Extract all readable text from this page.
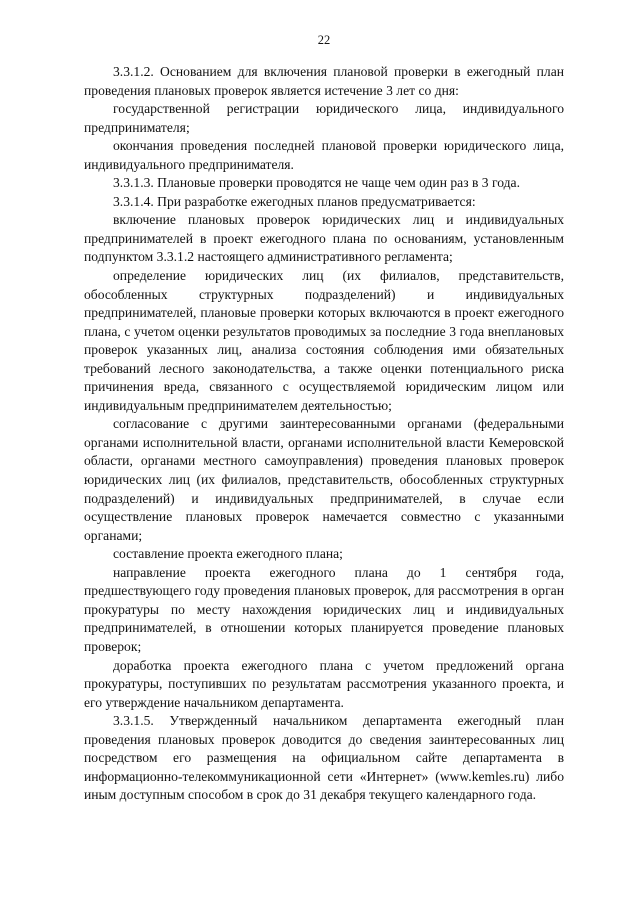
22

3.3.1.2. Основанием для включения плановой проверки в ежегодный план проведения плановых проверок является истечение 3 лет со дня:

государственной регистрации юридического лица, индивидуального предпринимателя;

окончания проведения последней плановой проверки юридического лица, индивидуального предпринимателя.

3.3.1.3. Плановые проверки проводятся не чаще чем один раз в 3 года.

3.3.1.4. При разработке ежегодных планов предусматривается:

включение плановых проверок юридических лиц и индивидуальных предпринимателей в проект ежегодного плана по основаниям, установленным подпунктом 3.3.1.2 настоящего административного регламента;

определение юридических лиц (их филиалов, представительств, обособленных структурных подразделений) и индивидуальных предпринимателей, плановые проверки которых включаются в проект ежегодного плана, с учетом оценки результатов проводимых за последние 3 года внеплановых проверок указанных лиц, анализа состояния соблюдения ими обязательных требований лесного законодательства, а также оценки потенциального риска причинения вреда, связанного с осуществляемой юридическим лицом или индивидуальным предпринимателем деятельностью;

согласование с другими заинтересованными органами (федеральными органами исполнительной власти, органами исполнительной власти Кемеровской области, органами местного самоуправления) проведения плановых проверок юридических лиц (их филиалов, представительств, обособленных структурных подразделений) и индивидуальных предпринимателей, в случае если осуществление плановых проверок намечается совместно с указанными органами;

составление проекта ежегодного плана;

направление проекта ежегодного плана до 1 сентября года, предшествующего году проведения плановых проверок, для рассмотрения в орган прокуратуры по месту нахождения юридических лиц и индивидуальных предпринимателей, в отношении которых планируется проведение плановых проверок;

доработка проекта ежегодного плана с учетом предложений органа прокуратуры, поступивших по результатам рассмотрения указанного проекта, и его утверждение начальником департамента.

3.3.1.5. Утвержденный начальником департамента ежегодный план проведения плановых проверок доводится до сведения заинтересованных лиц посредством его размещения на официальном сайте департамента в информационно-телекоммуникационной сети «Интернет» (www.kemles.ru) либо иным доступным способом в срок до 31 декабря текущего календарного года.
